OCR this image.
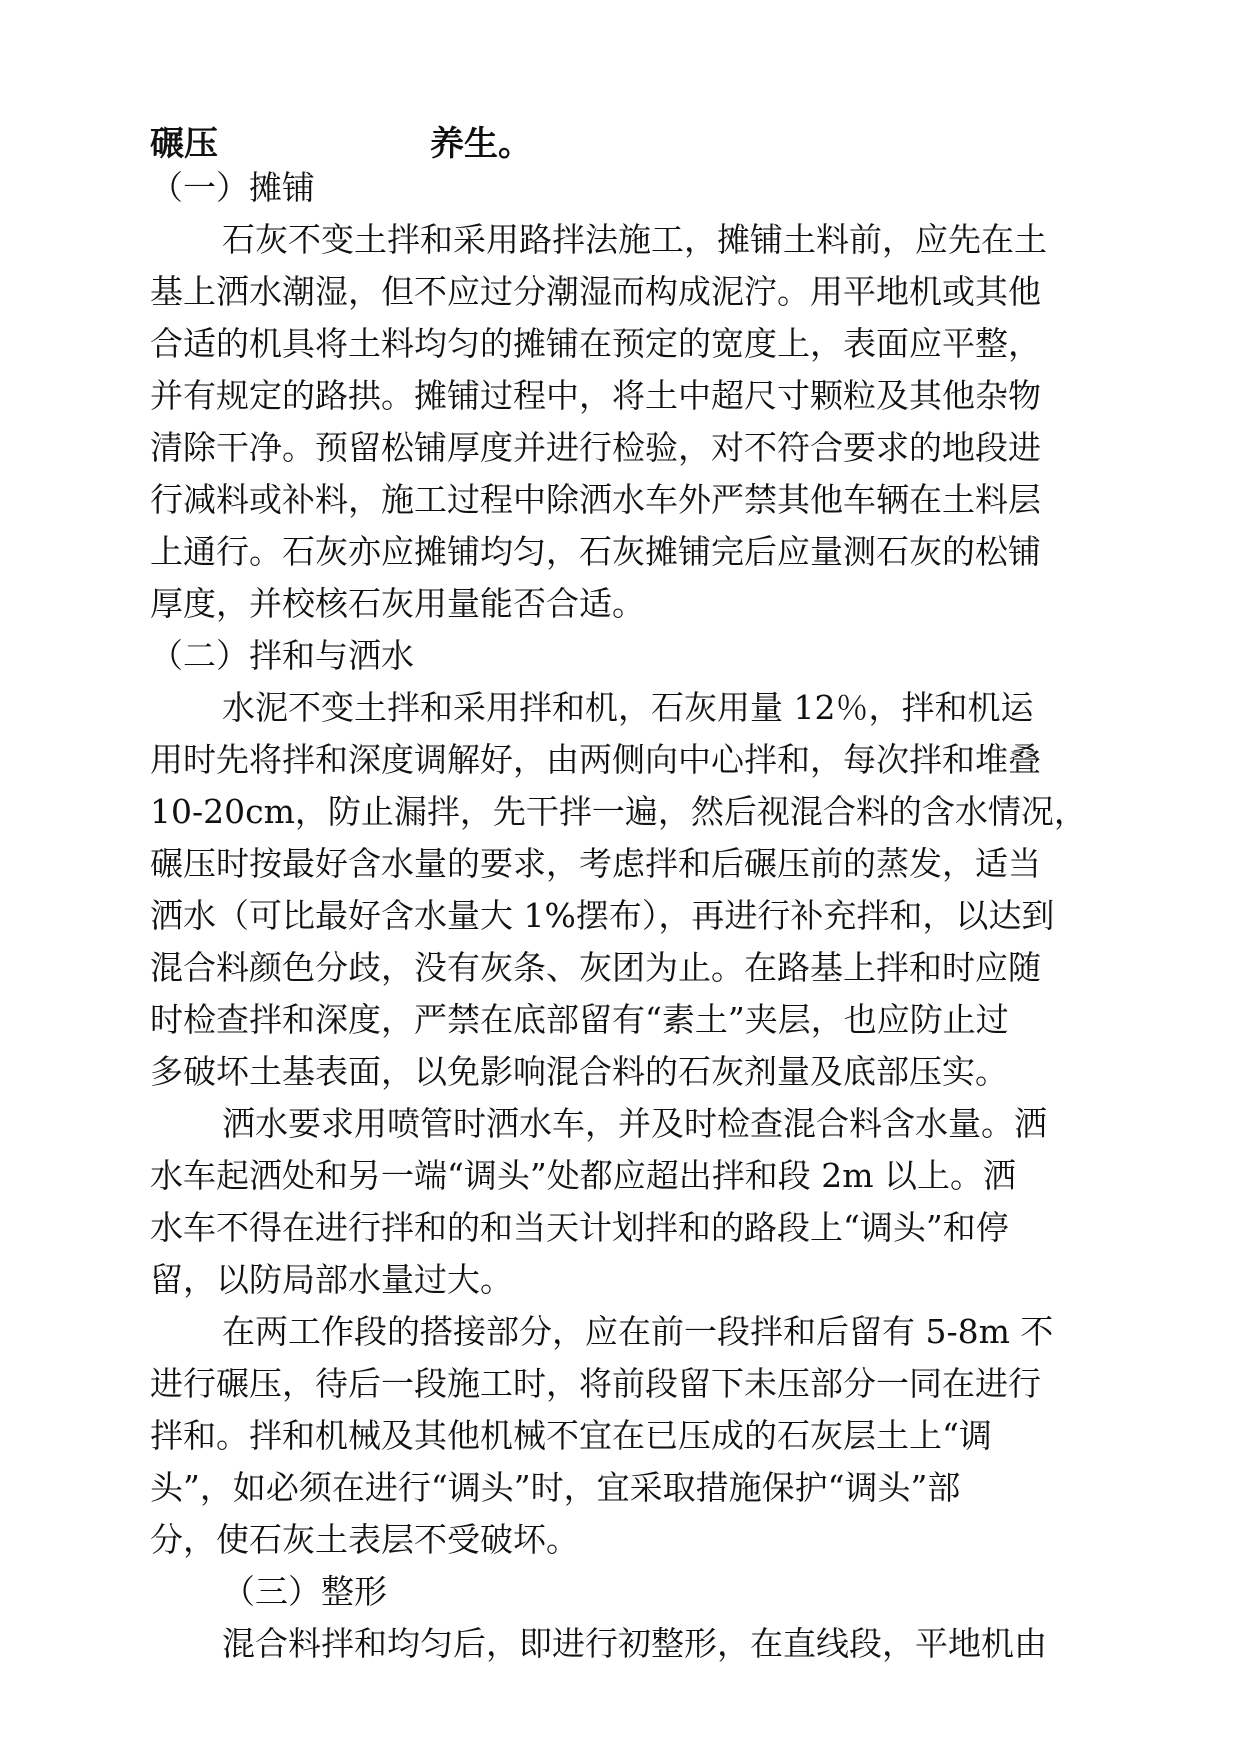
碾压	养生。
（一）摊铺
石灰不变土拌和采用路拌法施工，摊铺土料前，应先在土
基上洒水潮湿，但不应过分潮湿而构成泥泞。用平地机或其他
合适的机具将土料均匀的摊铺在预定的宽度上，表面应平整，
并有规定的路拱。摊铺过程中，将土中超尺寸颗粒及其他杂物
清除干净。预留松铺厚度并进行检验，对不符合要求的地段进
行减料或补料，施工过程中除洒水车外严禁其他车辆在土料层
上通行。石灰亦应摊铺均匀，石灰摊铺完后应量测石灰的松铺
厚度，并校核石灰用量能否合适。
（二）拌和与洒水
水泥不变土拌和采用拌和机，石灰用量 12％，拌和机运
用时先将拌和深度调解好，由两侧向中心拌和，每次拌和堆叠
10-20cm，防止漏拌，先干拌一遍，然后视混合料的含水情况，
碾压时按最好含水量的要求，考虑拌和后碾压前的蒸发，适当
洒水（可比最好含水量大 1%摆布），再进行补充拌和，以达到
混合料颜色分歧，没有灰条、灰团为止。在路基上拌和时应随
时检查拌和深度，严禁在底部留有“素土”夹层，也应防止过
多破坏土基表面，以免影响混合料的石灰剂量及底部压实。
洒水要求用喷管时洒水车，并及时检查混合料含水量。洒
水车起洒处和另一端“调头”处都应超出拌和段 2m 以上。洒
水车不得在进行拌和的和当天计划拌和的路段上“调头”和停
留，以防局部水量过大。
在两工作段的搭接部分，应在前一段拌和后留有 5-8m 不
进行碾压，待后一段施工时，将前段留下未压部分一同在进行
拌和。拌和机械及其他机械不宜在已压成的石灰层土上“调
头”，如必须在进行“调头”时，宜采取措施保护“调头”部
分，使石灰土表层不受破坏。
（三）整形
混合料拌和均匀后，即进行初整形，在直线段，平地机由
